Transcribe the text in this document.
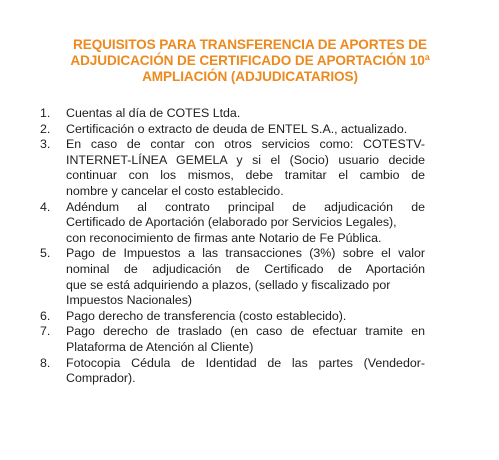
REQUISITOS PARA TRANSFERENCIA DE APORTES DE
ADJUDICACIÓN DE CERTIFICADO DE APORTACIÓN 10ª
AMPLIACIÓN (ADJUDICATARIOS)
1.	Cuentas al día de COTES Ltda.
2.	Certificación o extracto de deuda de ENTEL S.A., actualizado.
3.	En caso de contar con otros servicios como: COTESTV-
INTERNET-LÍNEA GEMELA y si el (Socio) usuario decide
continuar con los mismos, debe tramitar el cambio de
nombre y cancelar el costo establecido.
4.	Adéndum al contrato principal de adjudicación de
Certificado de Aportación (elaborado por Servicios Legales),
con reconocimiento de firmas ante Notario de Fe Pública.
5.	Pago de Impuestos a las transacciones (3%) sobre el valor
nominal de adjudicación de Certificado de Aportación
que se está adquiriendo a plazos, (sellado y fiscalizado por
Impuestos Nacionales)
6.	Pago derecho de transferencia (costo establecido).
7.	Pago derecho de traslado (en caso de efectuar tramite en
Plataforma de Atención al Cliente)
8.	Fotocopia Cédula de Identidad de las partes (Vendedor-
Comprador).
